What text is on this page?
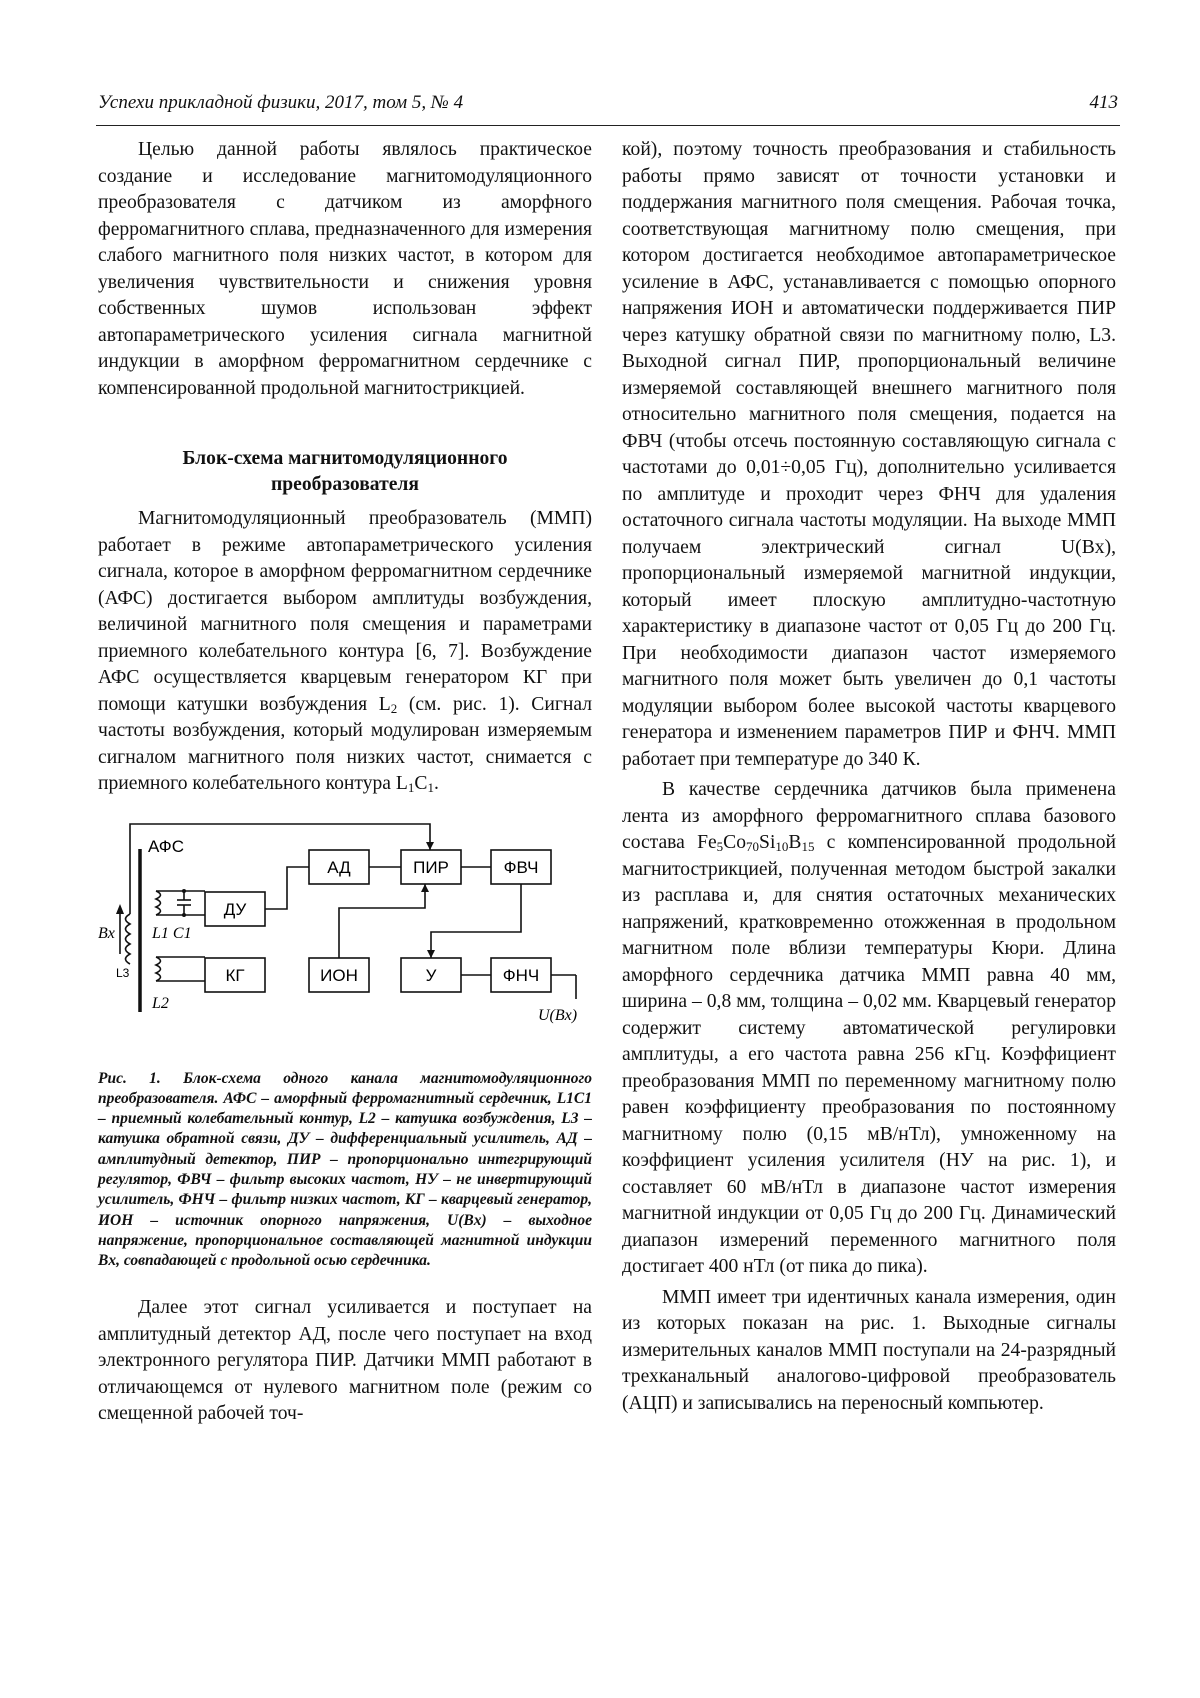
Успехи прикладной физики, 2017, том 5, № 4	413

Целью данной работы являлось практическое создание и исследование магнитомодуляционного преобразователя с датчиком из аморфного ферромагнитного сплава, предназначенного для измерения слабого магнитного поля низких частот, в котором для увеличения чувствительности и снижения уровня собственных шумов использован эффект автопараметрического усиления сигнала магнитной индукции в аморфном ферромагнитном сердечнике с компенсированной продольной магнитострикцией.

Блок-схема магнитомодуляционного
преобразователя

Магнитомодуляционный преобразователь (ММП) работает в режиме автопараметрического усиления сигнала, которое в аморфном ферромагнитном сердечнике (АФС) достигается выбором амплитуды возбуждения, величиной магнитного поля смещения и параметрами приемного колебательного контура [6, 7]. Возбуждение АФС осуществляется кварцевым генератором КГ при помощи катушки возбуждения $L_2$ (см. рис. 1). Сигнал частоты возбуждения, который модулирован измеряемым сигналом магнитного поля низких частот, снимается с приемного колебательного контура $L_1C_1$.

АФС
АД	ПИР	ФВЧ
ДУ
КГ	ИОН	У	ФНЧ
L1 C1
Bx
L3
L2
U(Bx)

Рис. 1. Блок-схема одного канала магнитомодуляционного преобразователя. АФС – аморфный ферромагнитный сердечник, L1C1 – приемный колебательный контур, L2 – катушка возбуждения, L3 – катушка обратной связи, ДУ – дифференциальный усилитель, АД – амплитудный детектор, ПИР – пропорционально интегрирующий регулятор, ФВЧ – фильтр высоких частот, НУ – не инвертирующий усилитель, ФНЧ – фильтр низких частот, КГ – кварцевый генератор, ИОН – источник опорного напряжения, U(Bx) – выходное напряжение, пропорциональное составляющей магнитной индукции Bx, совпадающей с продольной осью сердечника.

Далее этот сигнал усиливается и поступает на амплитудный детектор АД, после чего поступает на вход электронного регулятора ПИР. Датчики ММП работают в отличающемся от нулевого магнитном поле (режим со смещенной рабочей точ-

кой), поэтому точность преобразования и стабильность работы прямо зависят от точности установки и поддержания магнитного поля смещения. Рабочая точка, соответствующая магнитному полю смещения, при котором достигается необходимое автопараметрическое усиление в АФС, устанавливается с помощью опорного напряжения ИОН и автоматически поддерживается ПИР через катушку обратной связи по магнитному полю, L3. Выходной сигнал ПИР, пропорциональный величине измеряемой составляющей внешнего магнитного поля относительно магнитного поля смещения, подается на ФВЧ (чтобы отсечь постоянную составляющую сигнала с частотами до 0,01÷0,05 Гц), дополнительно усиливается по амплитуде и проходит через ФНЧ для удаления остаточного сигнала частоты модуляции. На выходе ММП получаем электрический сигнал U(Bx), пропорциональный измеряемой магнитной индукции, который имеет плоскую амплитудно-частотную характеристику в диапазоне частот от 0,05 Гц до 200 Гц. При необходимости диапазон частот измеряемого магнитного поля может быть увеличен до 0,1 частоты модуляции выбором более высокой частоты кварцевого генератора и изменением параметров ПИР и ФНЧ. ММП работает при температуре до 340 К.

В качестве сердечника датчиков была применена лента из аморфного ферромагнитного сплава базового состава $Fe_5Co_{70}Si_{10}B_{15}$ с компенсированной продольной магнитострикцией, полученная методом быстрой закалки из расплава и, для снятия остаточных механических напряжений, кратковременно отожженная в продольном магнитном поле вблизи температуры Кюри. Длина аморфного сердечника датчика ММП равна 40 мм, ширина – 0,8 мм, толщина – 0,02 мм. Кварцевый генератор содержит систему автоматической регулировки амплитуды, а его частота равна 256 кГц. Коэффициент преобразования ММП по переменному магнитному полю равен коэффициенту преобразования по постоянному магнитному полю (0,15 мВ/нТл), умноженному на коэффициент усиления усилителя (НУ на рис. 1), и составляет 60 мВ/нТл в диапазоне частот измерения магнитной индукции от 0,05 Гц до 200 Гц. Динамический диапазон измерений переменного магнитного поля достигает 400 нТл (от пика до пика).

ММП имеет три идентичных канала измерения, один из которых показан на рис. 1. Выходные сигналы измерительных каналов ММП поступали на 24-разрядный трехканальный аналогово-цифровой преобразователь (АЦП) и записывались на переносный компьютер.
